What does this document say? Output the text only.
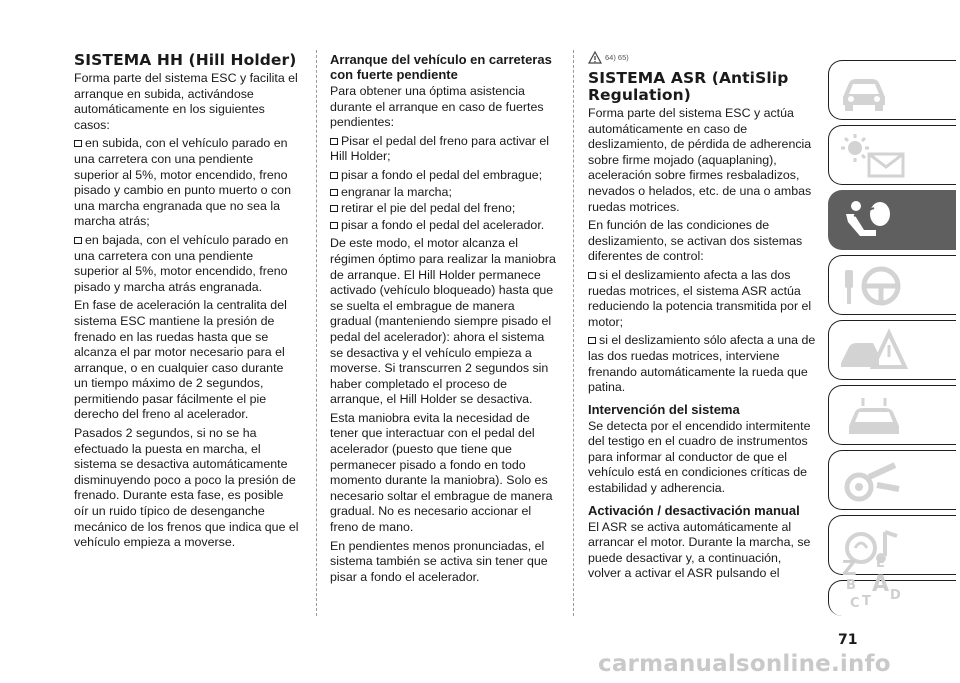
SISTEMA HH (Hill Holder)

Forma parte del sistema ESC y facilita el arranque en subida, activándose automáticamente en los siguientes casos:

en subida, con el vehículo parado en una carretera con una pendiente superior al 5%, motor encendido, freno pisado y cambio en punto muerto o con una marcha engranada que no sea la marcha atrás;

en bajada, con el vehículo parado en una carretera con una pendiente superior al 5%, motor encendido, freno pisado y marcha atrás engranada.

En fase de aceleración la centralita del sistema ESC mantiene la presión de frenado en las ruedas hasta que se alcanza el par motor necesario para el arranque, o en cualquier caso durante un tiempo máximo de 2 segundos, permitiendo pasar fácilmente el pie derecho del freno al acelerador.

Pasados 2 segundos, si no se ha efectuado la puesta en marcha, el sistema se desactiva automáticamente disminuyendo poco a poco la presión de frenado. Durante esta fase, es posible oír un ruido típico de desenganche mecánico de los frenos que indica que el vehículo empieza a moverse.

Arranque del vehículo en carreteras con fuerte pendiente

Para obtener una óptima asistencia durante el arranque en caso de fuertes pendientes:

Pisar el pedal del freno para activar el Hill Holder;

pisar a fondo el pedal del embrague;

engranar la marcha;

retirar el pie del pedal del freno;

pisar a fondo el pedal del acelerador.

De este modo, el motor alcanza el régimen óptimo para realizar la maniobra de arranque. El Hill Holder permanece activado (vehículo bloqueado) hasta que se suelta el embrague de manera gradual (manteniendo siempre pisado el pedal del acelerador): ahora el sistema se desactiva y el vehículo empieza a moverse. Si transcurren 2 segundos sin haber completado el proceso de arranque, el Hill Holder se desactiva.

Esta maniobra evita la necesidad de tener que interactuar con el pedal del acelerador (puesto que tiene que permanecer pisado a fondo en todo momento durante la maniobra). Solo es necesario soltar el embrague de manera gradual. No es necesario accionar el freno de mano.

En pendientes menos pronunciadas, el sistema también se activa sin tener que pisar a fondo el acelerador.

64) 65)
SISTEMA ASR (AntiSlip Regulation)

Forma parte del sistema ESC y actúa automáticamente en caso de deslizamiento, de pérdida de adherencia sobre firme mojado (aquaplaning), aceleración sobre firmes resbaladizos, nevados o helados, etc. de una o ambas ruedas motrices.

En función de las condiciones de deslizamiento, se activan dos sistemas diferentes de control:

si el deslizamiento afecta a las dos ruedas motrices, el sistema ASR actúa reduciendo la potencia transmitida por el motor;

si el deslizamiento sólo afecta a una de las dos ruedas motrices, interviene frenando automáticamente la rueda que patina.

Intervención del sistema

Se detecta por el encendido intermitente del testigo en el cuadro de instrumentos para informar al conductor de que el vehículo está en condiciones críticas de estabilidad y adherencia.

Activación / desactivación manual

El ASR se activa automáticamente al arrancar el motor. Durante la marcha, se puede desactivar y, a continuación, volver a activar el ASR pulsando el	Z E
A
B
C T D
71
carmanualsonline.info
